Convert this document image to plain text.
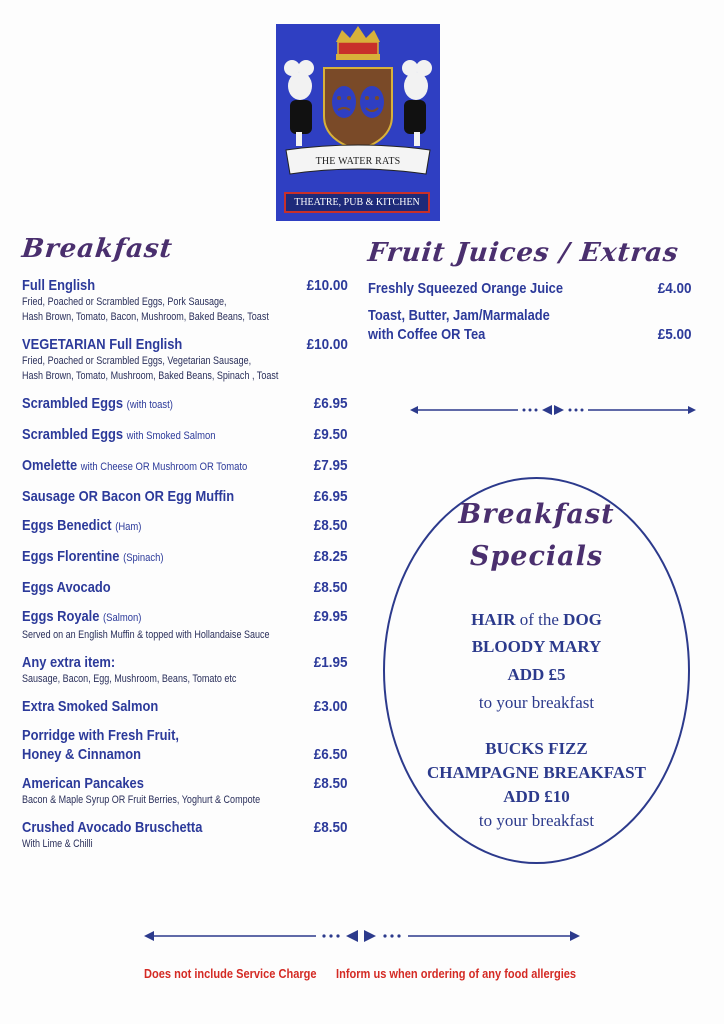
THE WATER RATS
THEATRE, PUB & KITCHEN
Breakfast
Full English	£10.00
Fried, Poached or Scrambled Eggs, Pork Sausage,
Hash Brown, Tomato, Bacon, Mushroom, Baked Beans, Toast
VEGETARIAN Full English	£10.00
Fried, Poached or Scrambled Eggs, Vegetarian Sausage,
Hash Brown, Tomato, Mushroom, Baked Beans, Spinach , Toast
Scrambled Eggs (with toast)	£6.95
Scrambled Eggs with Smoked Salmon	£9.50
Omelette with Cheese OR Mushroom OR Tomato	£7.95
Sausage OR Bacon OR Egg Muffin	£6.95
Eggs Benedict (Ham)	£8.50
Eggs Florentine (Spinach)	£8.25
Eggs Avocado	£8.50
Eggs Royale (Salmon)	£9.95
Served on an English Muffin & topped with Hollandaise Sauce
Any extra item:	£1.95
Sausage, Bacon, Egg, Mushroom, Beans, Tomato etc
Extra Smoked Salmon	£3.00
Porridge with Fresh Fruit,
Honey & Cinnamon	£6.50
American Pancakes	£8.50
Bacon & Maple Syrup OR Fruit Berries, Yoghurt & Compote
Crushed Avocado Bruschetta	£8.50
With Lime & Chilli
Fruit Juices / Extras
Freshly Squeezed Orange Juice	£4.00
Toast, Butter, Jam/Marmalade
with Coffee OR Tea	£5.00
Breakfast
Specials
HAIR of the DOG
BLOODY MARY
ADD £5
to your breakfast
BUCKS FIZZ
CHAMPAGNE BREAKFAST
ADD £10
to your breakfast
Does not include Service Charge Inform us when ordering of any food allergies
